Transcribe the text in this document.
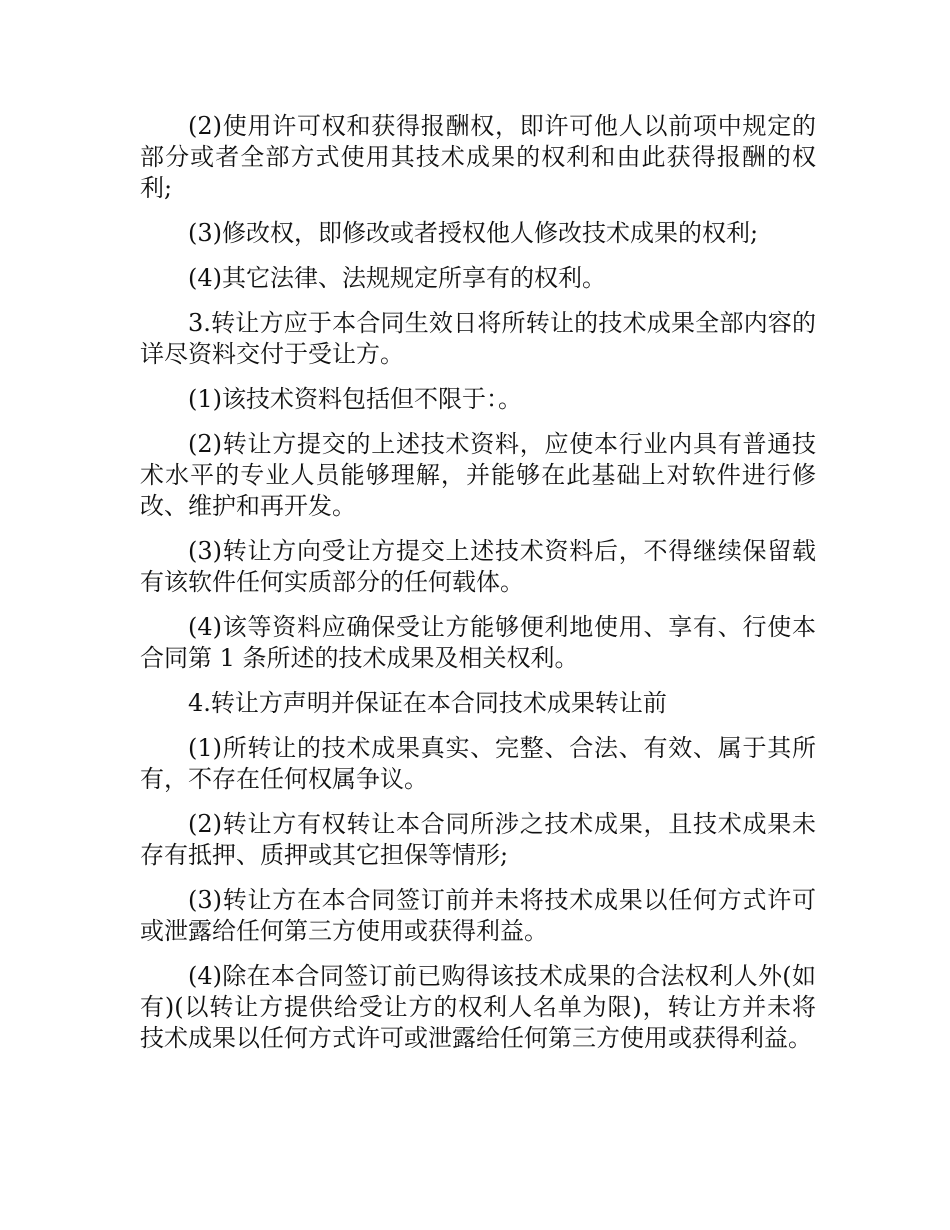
(2)使用许可权和获得报酬权，即许可他人以前项中规定的部分或者全部方式使用其技术成果的权利和由此获得报酬的权利;

(3)修改权，即修改或者授权他人修改技术成果的权利;

(4)其它法律、法规规定所享有的权利。

3.转让方应于本合同生效日将所转让的技术成果全部内容的详尽资料交付于受让方。

(1)该技术资料包括但不限于：。

(2)转让方提交的上述技术资料，应使本行业内具有普通技术水平的专业人员能够理解，并能够在此基础上对软件进行修改、维护和再开发。

(3)转让方向受让方提交上述技术资料后，不得继续保留载有该软件任何实质部分的任何载体。

(4)该等资料应确保受让方能够便利地使用、享有、行使本合同第 1 条所述的技术成果及相关权利。

4.转让方声明并保证在本合同技术成果转让前

(1)所转让的技术成果真实、完整、合法、有效、属于其所有，不存在任何权属争议。

(2)转让方有权转让本合同所涉之技术成果，且技术成果未存有抵押、质押或其它担保等情形;

(3)转让方在本合同签订前并未将技术成果以任何方式许可或泄露给任何第三方使用或获得利益。

(4)除在本合同签订前已购得该技术成果的合法权利人外(如有)(以转让方提供给受让方的权利人名单为限)，转让方并未将技术成果以任何方式许可或泄露给任何第三方使用或获得利益。
